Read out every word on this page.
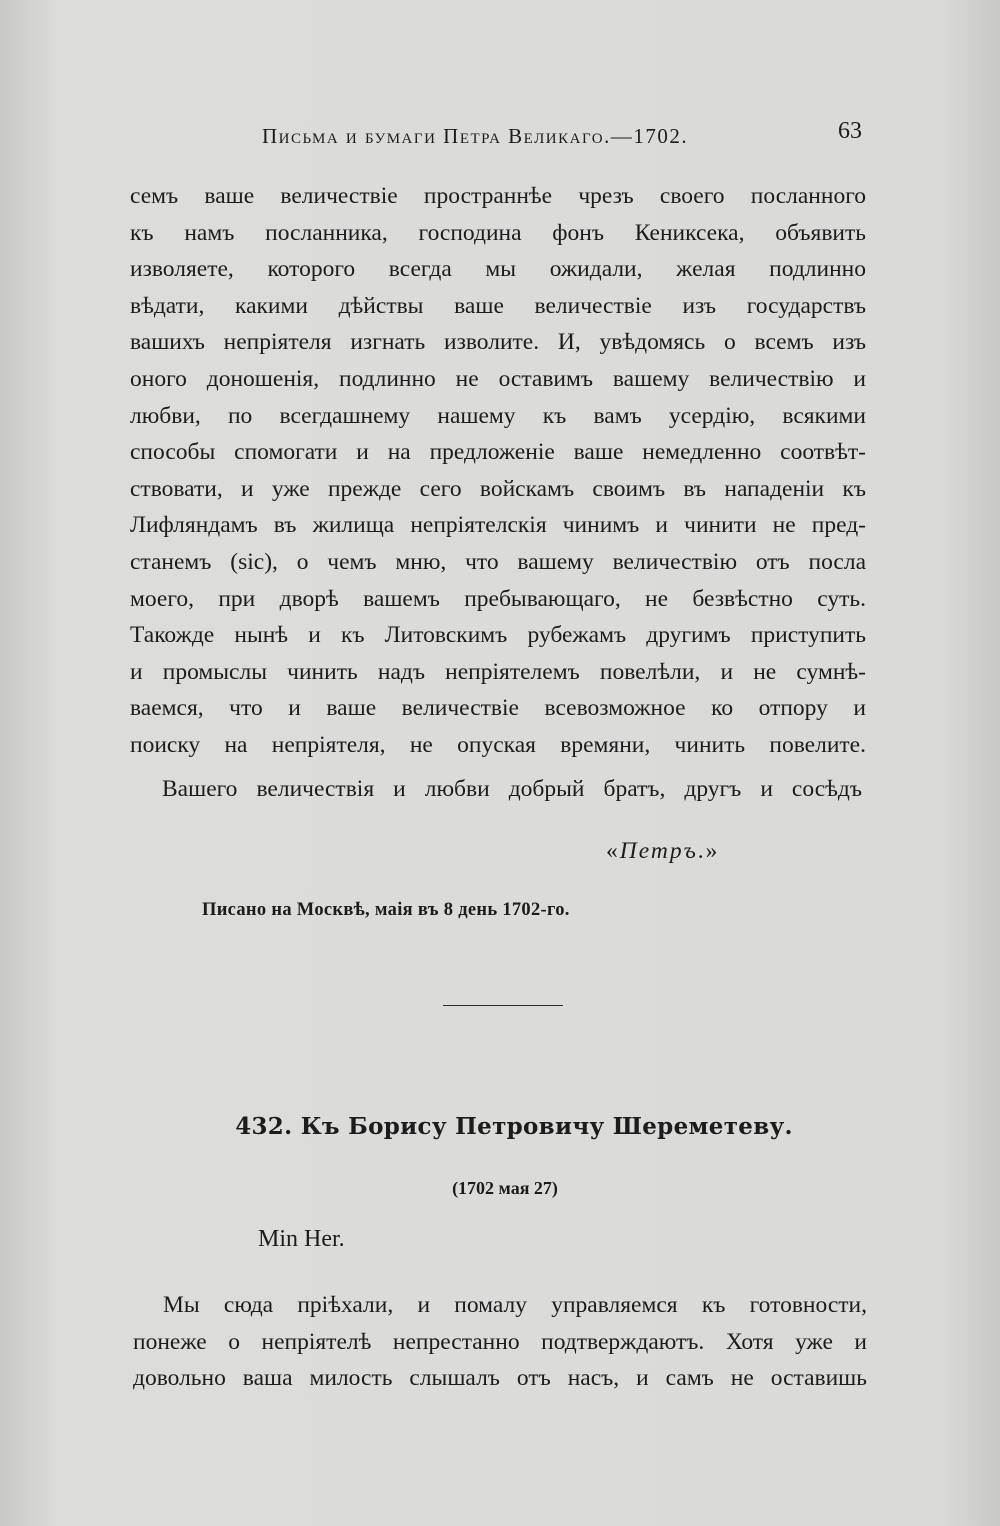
Письма и бумаги Петра Великаго.—1702.	63
семъ ваше величествіе пространнѣе чрезъ своего посланного
къ намъ посланника, господина фонъ Кениксека, объявить
изволяете, которого всегда мы ожидали, желая подлинно
вѣдати, какими дѣйствы ваше величествіе изъ государствъ
вашихъ непріятеля изгнать изволите. И, увѣдомясь о всемъ изъ
оного доношенія, подлинно не оставимъ вашему величествію и
любви, по всегдашнему нашему къ вамъ усердію, всякими
способы спомогати и на предложеніе ваше немедленно соотвѣт-
ствовати, и уже прежде сего войскамъ своимъ въ нападеніи къ
Лифляндамъ въ жилища непріятелскія чинимъ и чинити не пред-
станемъ (sic), о чемъ мню, что вашему величествію отъ посла
моего, при дворѣ вашемъ пребывающаго, не безвѣстно суть.
Такожде нынѣ и къ Литовскимъ рубежамъ другимъ приступить
и промыслы чинить надъ непріятелемъ повелѣли, и не сумнѣ-
ваемся, что и ваше величествіе всевозможное ко отпору и
поиску на непріятеля, не опуская времяни, чинить повелите.
Вашего величествія и любви добрый братъ, другъ и сосѣдъ
«Петръ.»
Писано на Москвѣ, маія въ 8 день 1702-го.
432. Къ Борису Петровичу Шереметеву.
(1702 мая 27)
Min Her.
Мы сюда пріѣхали, и помалу управляемся къ готовности,
понеже о непріятелѣ непрестанно подтверждаютъ. Хотя уже и
довольно ваша милость слышалъ отъ насъ, и самъ не оставишь
